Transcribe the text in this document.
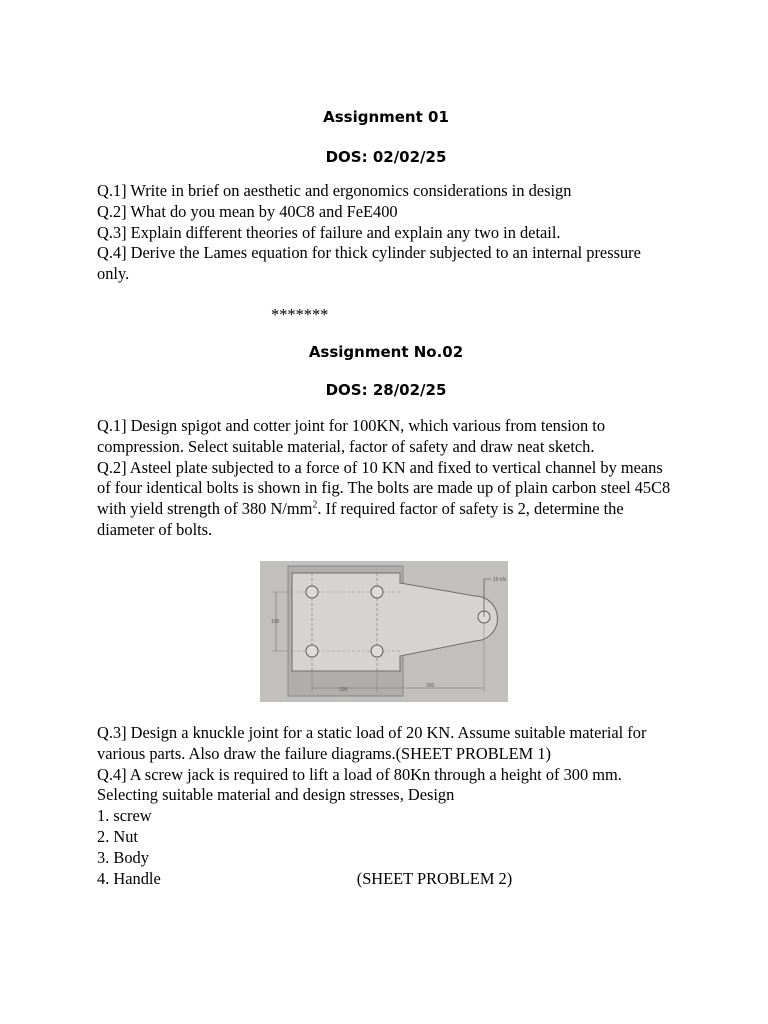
Assignment 01
DOS: 02/02/25

Q.1] Write in brief on aesthetic and ergonomics considerations in design

Q.2] What do you mean by 40C8 and FeE400

Q.3] Explain different theories of failure and explain any two in detail.

Q.4] Derive the Lames equation for thick cylinder subjected to an internal pressure only.

*******
Assignment No.02
DOS: 28/02/25

Q.1] Design spigot and cotter joint for 100KN, which various from tension to compression. Select suitable material, factor of safety and draw neat sketch.

Q.2] Asteel plate subjected to a force of 10 KN and fixed to vertical channel by means of four identical bolts is shown in fig. The bolts are made up of plain carbon steel 45C8 with yield strength of 380 $N/mm^2$. If required factor of safety is 2, determine the diameter of bolts.

10 kN
100
100
200

Q.3] Design a knuckle joint for a static load of 20 KN. Assume suitable material for various parts. Also draw the failure diagrams.(SHEET PROBLEM 1)

Q.4] A screw jack is required to lift a load of 80Kn through a height of 300 mm. Selecting suitable material and design stresses, Design

1. screw

2. Nut

3. Body

4. Handle	(SHEET PROBLEM 2)
